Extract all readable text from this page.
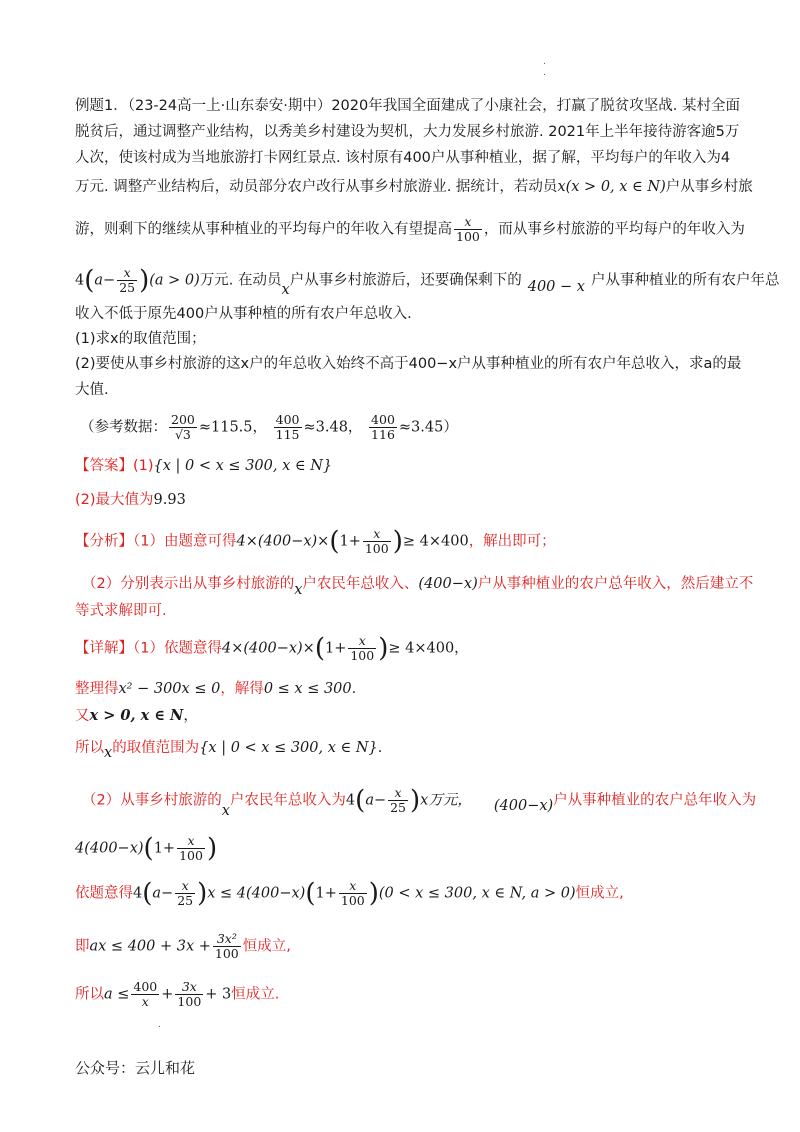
.
.
例题1．（23-24高一上·山东泰安·期中）2020年我国全面建成了小康社会，打赢了脱贫攻坚战. 某村全面
脱贫后，通过调整产业结构，以秀美乡村建设为契机，大力发展乡村旅游. 2021年上半年接待游客逾5万
人次，使该村成为当地旅游打卡网红景点. 该村原有400户从事种植业，据了解，平均每户的年收入为4
万元. 调整产业结构后，动员部分农户改行从事乡村旅游业. 据统计，若动员x(x > 0, x ∈ N)户从事乡村旅
游，则剩下的继续从事种植业的平均每户的年收入有望提高 $\frac{x}{100}$ ，而从事乡村旅游的平均每户的年收入为
$4(a- \frac{x}{25} )(a > 0)$万元. 在动员x户从事乡村旅游后，还要确保剩下的 400 − x 户从事种植业的所有农户年总
收入不低于原先400户从事种植的所有农户年总收入.
(1)求x的取值范围；
(2)要使从事乡村旅游的这x户的年总收入始终不高于400−x户从事种植业的所有农户年总收入，求a的最
大值.
（参考数据： $\frac{200}{√3} \approx 115.5$， $\frac{400}{115} \approx 3.48$， $\frac{400}{116} \approx 3.45$）
【答案】(1){x | 0 < x ≤ 300, x ∈ N}
(2)最大值为9.93
【分析】（1）由题意可得$4\times(400-x)\times(1+ \frac{x}{100}$ )≥ 4×400，解出即可；
（2）分别表示出从事乡村旅游的x户农民年总收入、(400−x)户从事种植业的农户总年收入，然后建立不
等式求解即可.
【详解】（1）依题意得$4\times(400-x)\times(1+ \frac{x}{100}$ )≥ 4×400，
整理得x² − 300x ≤ 0，解得0 ≤ x ≤ 300.
又x > 0, x ∈ N，
所以x的取值范围为{x | 0 < x ≤ 300, x ∈ N}.
（2）从事乡村旅游的x户农民年总收入为$4(a- \frac{x}{25} )x$万元， (400−x)户从事种植业的农户总年收入为
$4(400-x)(1+ \frac{x}{100}$ )
依题意得$4(a- \frac{x}{25} )x \le 4(400-x)(1+ \frac{x}{100} )(0 < x \le 300$, x ∈ N, a > 0)恒成立,
即ax ≤ $400 + 3x + \frac{\text{3x²}}{100}$ 恒成立,
所以$a \le \frac{400}{x} + \frac{3x}{100} + 3$恒成立.
.
公众号：云儿和花
